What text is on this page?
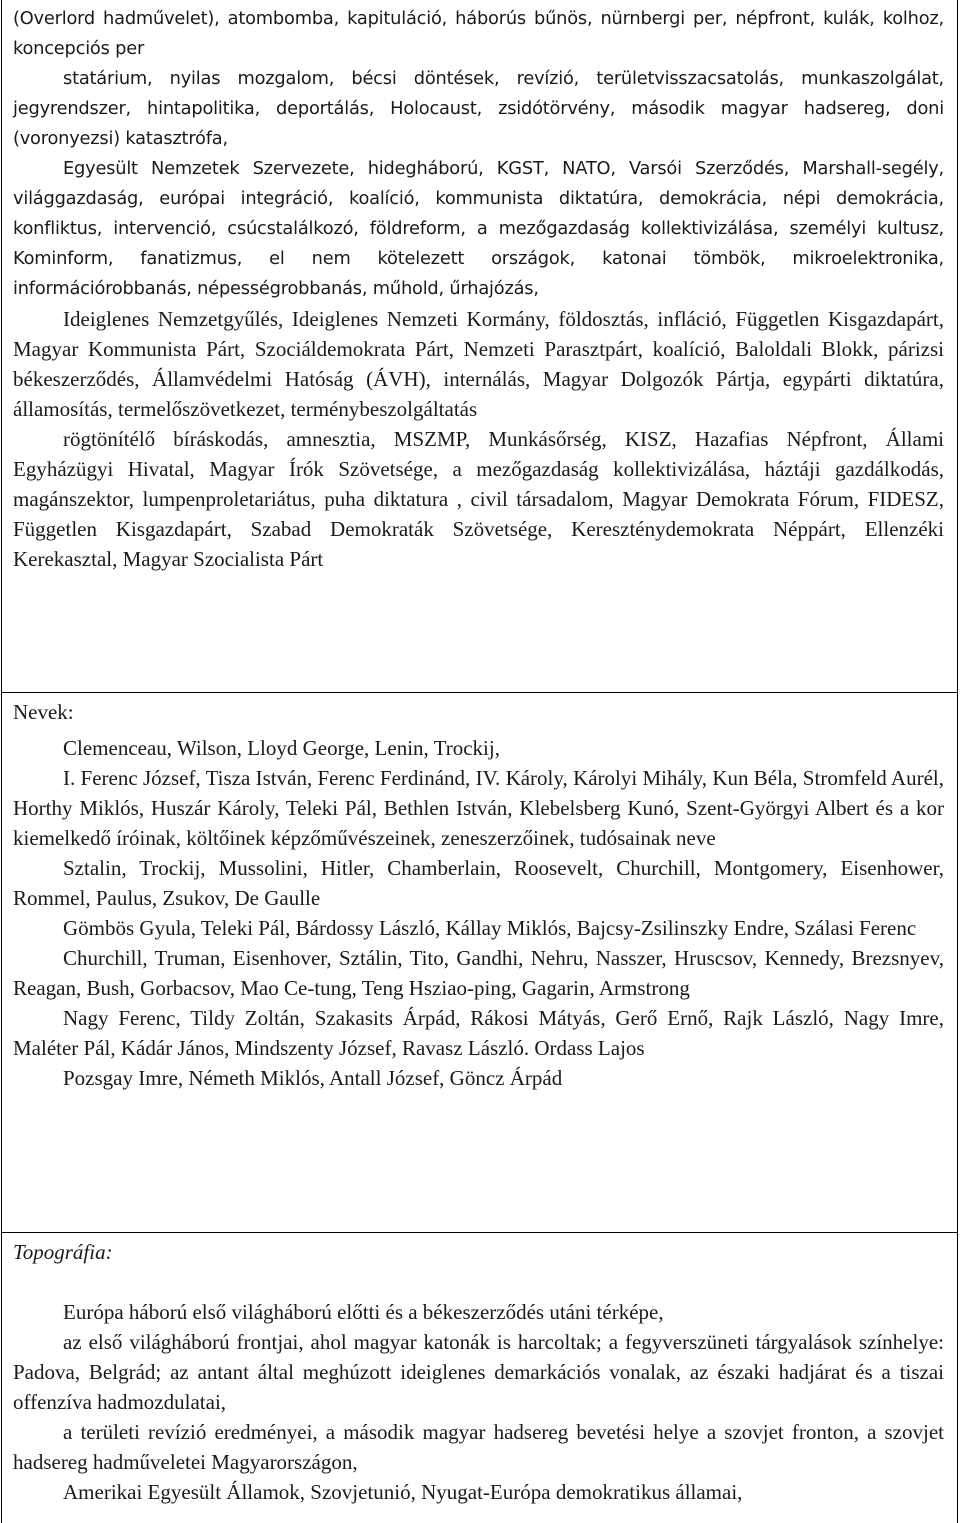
(Overlord hadművelet), atombomba, kapituláció, háborús bűnös, nürnbergi per, népfront, kulák, kolhoz, koncepciós per

statárium, nyilas mozgalom, bécsi döntések, revízió, területvisszacsatolás, munkaszolgálat, jegyrendszer, hintapolitika, deportálás, Holocaust, zsidótörvény, második magyar hadsereg, doni (voronyezsi) katasztrófa,

Egyesült Nemzetek Szervezete, hidegháború, KGST, NATO, Varsói Szerződés, Marshall-segély, világgazdaság, európai integráció, koalíció, kommunista diktatúra, demokrácia, népi demokrácia, konfliktus, intervenció, csúcstalálkozó, földreform, a mezőgazdaság kollektivizálása, személyi kultusz, Kominform, fanatizmus, el nem kötelezett országok, katonai tömbök, mikroelektronika, információrobbanás, népességrobbanás, műhold, űrhajózás,

Ideiglenes Nemzetgyűlés, Ideiglenes Nemzeti Kormány, földosztás, infláció, Független Kisgazdapárt, Magyar Kommunista Párt, Szociáldemokrata Párt, Nemzeti Parasztpárt, koalíció, Baloldali Blokk, párizsi békeszerződés, Államvédelmi Hatóság (ÁVH), internálás, Magyar Dolgozók Pártja, egypárti diktatúra, államosítás, termelőszövetkezet, terménybeszolgáltatás

rögtönítélő bíráskodás, amnesztia, MSZMP, Munkásőrség, KISZ, Hazafias Népfront, Állami Egyházügyi Hivatal, Magyar Írók Szövetsége, a mezőgazdaság kollektivizálása, háztáji gazdálkodás, magánszektor, lumpenproletariátus, puha diktatura , civil társadalom, Magyar Demokrata Fórum, FIDESZ, Független Kisgazdapárt, Szabad Demokraták Szövetsége, Kereszténydemokrata Néppárt, Ellenzéki Kerekasztal, Magyar Szocialista Párt

Nevek:

Clemenceau, Wilson, Lloyd George, Lenin, Trockij,

I. Ferenc József, Tisza István, Ferenc Ferdinánd, IV. Károly, Károlyi Mihály, Kun Béla, Stromfeld Aurél, Horthy Miklós, Huszár Károly, Teleki Pál, Bethlen István, Klebelsberg Kunó, Szent-Györgyi Albert és a kor kiemelkedő íróinak, költőinek képzőművészeinek, zeneszerzőinek, tudósainak neve

Sztalin, Trockij, Mussolini, Hitler, Chamberlain, Roosevelt, Churchill, Montgomery, Eisenhower, Rommel, Paulus, Zsukov, De Gaulle

Gömbös Gyula, Teleki Pál, Bárdossy László, Kállay Miklós, Bajcsy-Zsilinszky Endre, Szálasi Ferenc

Churchill, Truman, Eisenhover, Sztálin, Tito, Gandhi, Nehru, Nasszer, Hruscsov, Kennedy, Brezsnyev, Reagan, Bush, Gorbacsov, Mao Ce-tung, Teng Hsziao-ping, Gagarin, Armstrong

Nagy Ferenc, Tildy Zoltán, Szakasits Árpád, Rákosi Mátyás, Gerő Ernő, Rajk László, Nagy Imre, Maléter Pál, Kádár János, Mindszenty József, Ravasz László. Ordass Lajos

Pozsgay Imre, Németh Miklós, Antall József, Göncz Árpád

Topográfia:

Európa háború első világháború előtti és a békeszerződés utáni térképe,

az első világháború frontjai, ahol magyar katonák is harcoltak; a fegyverszüneti tárgyalások színhelye: Padova, Belgrád; az antant által meghúzott ideiglenes demarkációs vonalak, az északi hadjárat és a tiszai offenzíva hadmozdulatai,

a területi revízió eredményei, a második magyar hadsereg bevetési helye a szovjet fronton, a szovjet hadsereg hadműveletei Magyarországon,

Amerikai Egyesült Államok, Szovjetunió, Nyugat-Európa demokratikus államai,
